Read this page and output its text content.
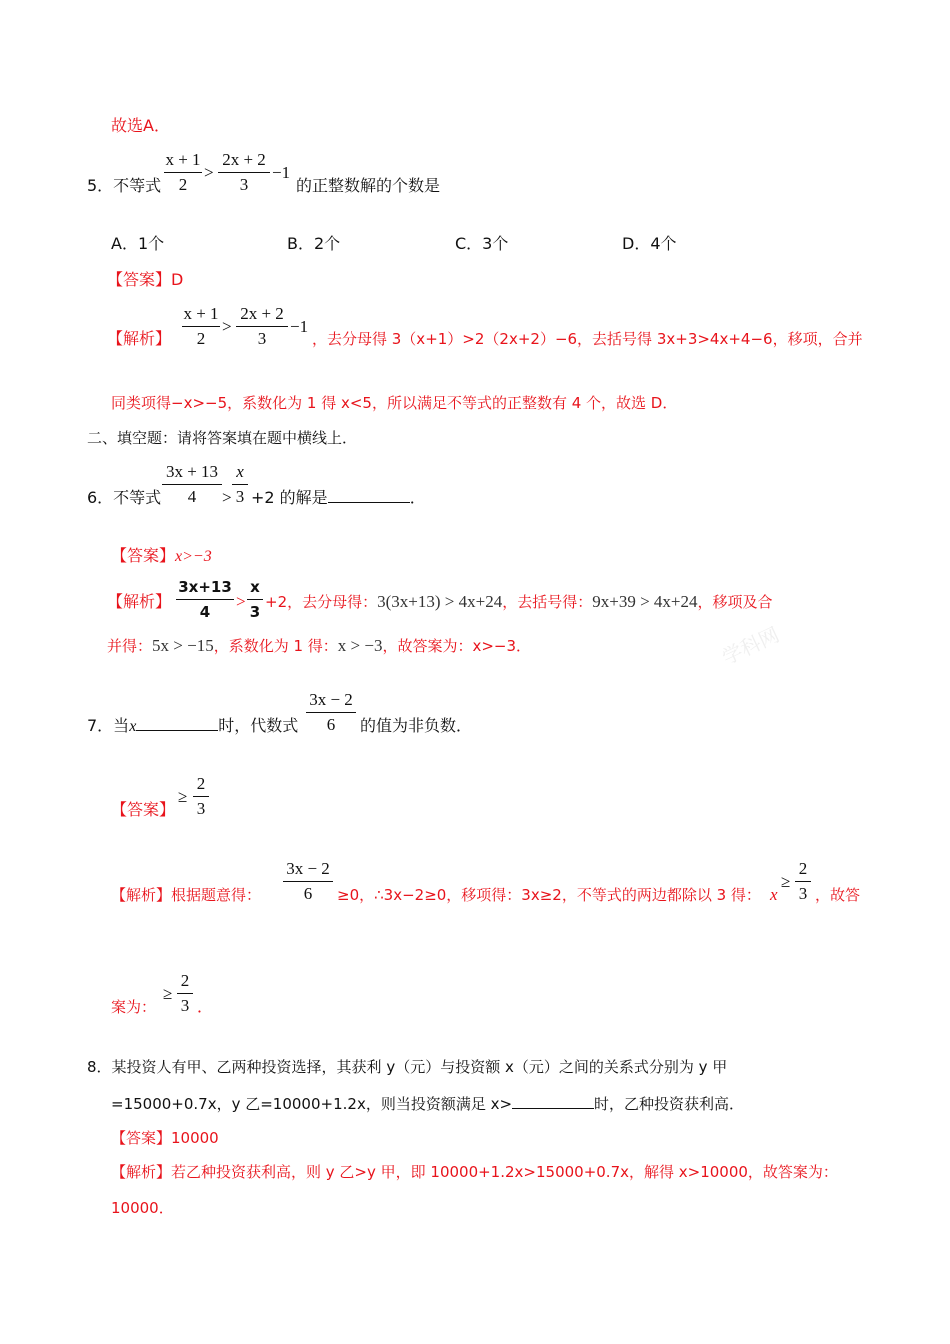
故选A．
5．不等式
x + 1
2
>
2x + 2
3
−1
的正整数解的个数是
A．1个	B．2个	C．3个	D．4个
【答案】D
【解析】
x + 1
2
>
2x + 2
3
−1
，去分母得 3（x+1）>2（2x+2）−6，去括号得 3x+3>4x+4−6，移项，合并
同类项得−x>−5，系数化为 1 得 x<5，所以满足不等式的正整数有 4 个，故选 D．
二、填空题：请将答案填在题中横线上．
6．不等式
3x + 13
4	>
x
3 +2 的解是	．
【答案】x>−3
【解析】
3x+13
4
>
x
3
+2，去分母得：3(3x+13) > 4x+24，去括号得：9x+39 > 4x+24，移项及合
并得：5x > −15，系数化为 1 得：x > −3，故答案为：x>−3．	学科网
7．当x	时，代数式
3x − 2
6	的值为非负数．
【答案】
≥
2
3
【解析】根据题意得：
3x − 2
6	≥0，∴3x−2≥0，移项得：3x≥2，不等式的两边都除以 3 得： x
≥
2
3 ，故答
案为：
≥
2
3 ．
8．某投资人有甲、乙两种投资选择，其获利 y（元）与投资额 x（元）之间的关系式分别为 y 甲
=15000+0.7x，y 乙=10000+1.2x，则当投资额满足 x>	时，乙种投资获利高．
【答案】10000
【解析】若乙种投资获利高，则 y 乙>y 甲，即 10000+1.2x>15000+0.7x，解得 x>10000，故答案为：
10000．
